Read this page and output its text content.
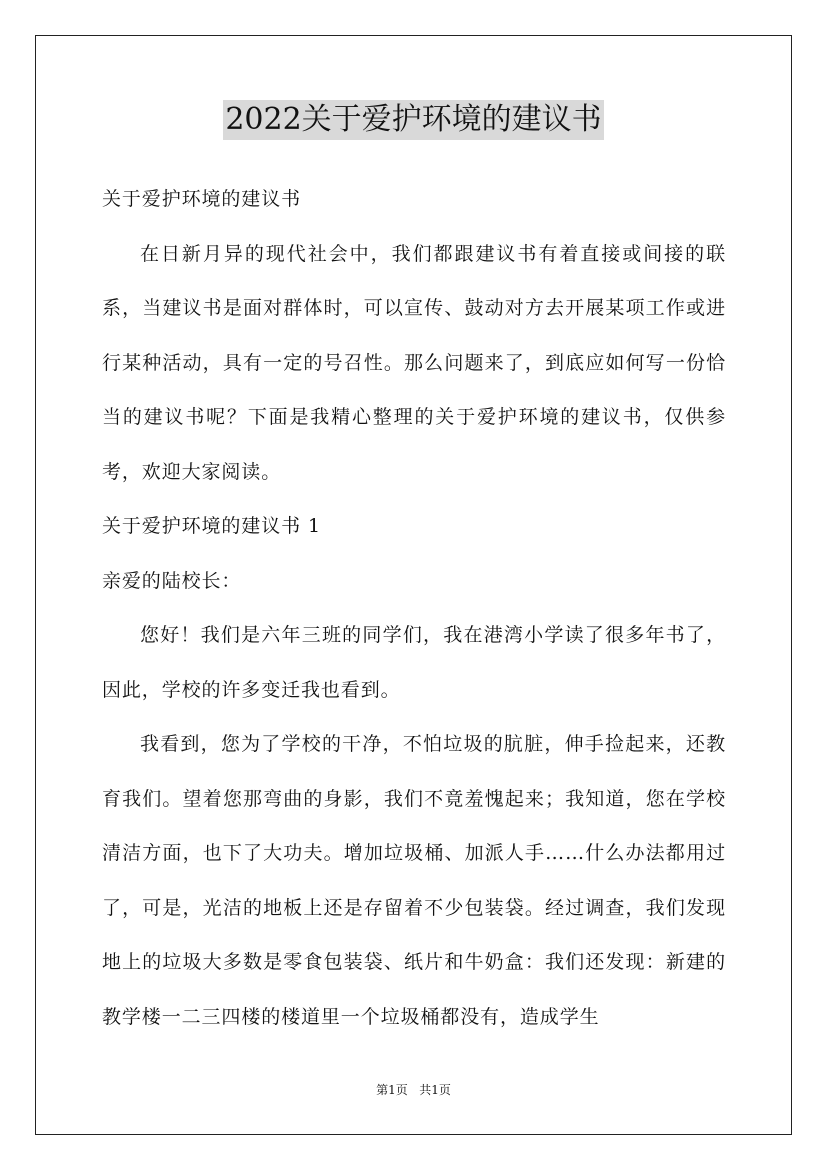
2022关于爱护环境的建议书

关于爱护环境的建议书

在日新月异的现代社会中，我们都跟建议书有着直接或间接的联系，当建议书是面对群体时，可以宣传、鼓动对方去开展某项工作或进行某种活动，具有一定的号召性。那么问题来了，到底应如何写一份恰当的建议书呢？下面是我精心整理的关于爱护环境的建议书，仅供参考，欢迎大家阅读。

关于爱护环境的建议书 1

亲爱的陆校长：

您好！我们是六年三班的同学们，我在港湾小学读了很多年书了，因此，学校的许多变迁我也看到。

我看到，您为了学校的干净，不怕垃圾的肮脏，伸手捡起来，还教育我们。望着您那弯曲的身影，我们不竟羞愧起来；我知道，您在学校清洁方面，也下了大功夫。增加垃圾桶、加派人手……什么办法都用过了，可是，光洁的地板上还是存留着不少包装袋。经过调查，我们发现地上的垃圾大多数是零食包装袋、纸片和牛奶盒：我们还发现：新建的教学楼一二三四楼的楼道里一个垃圾桶都没有，造成学生

第1页 共1页
